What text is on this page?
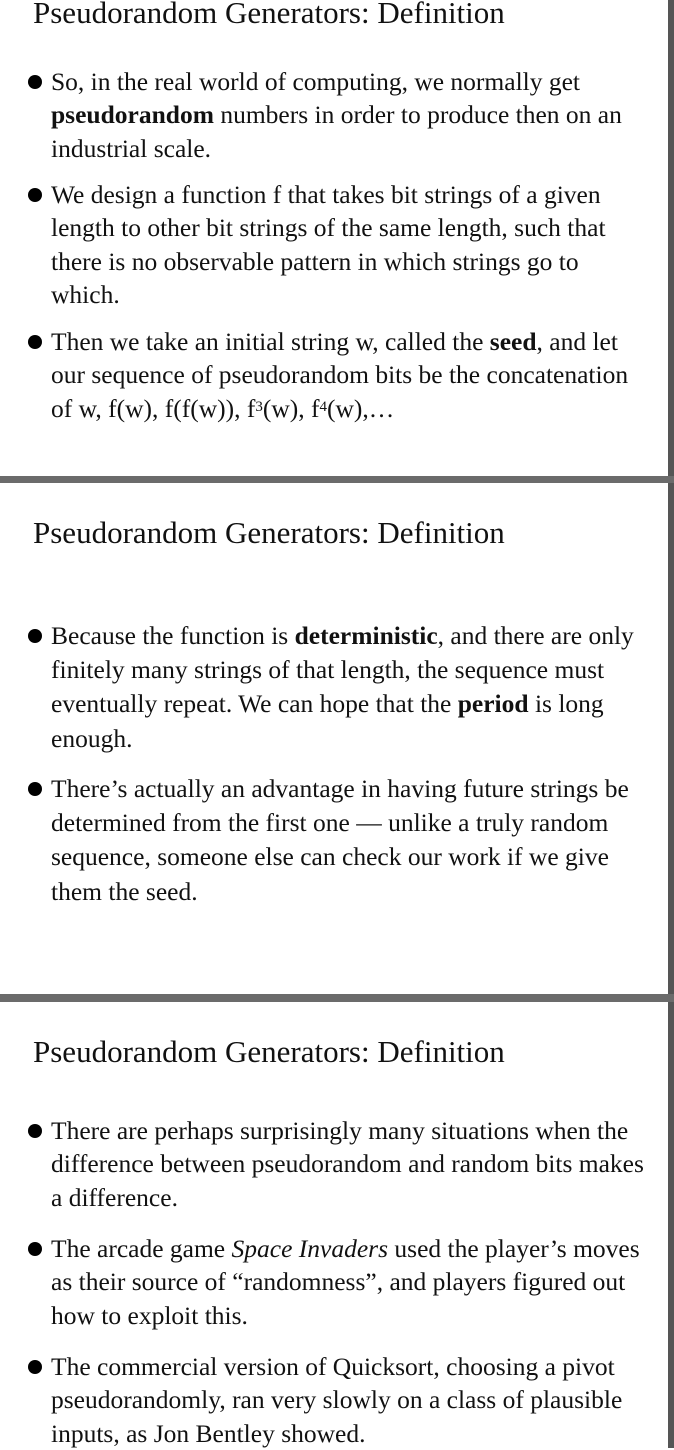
Pseudorandom Generators: Definition
So, in the real world of computing, we normally get pseudorandom numbers in order to produce then on an industrial scale.
We design a function f that takes bit strings of a given length to other bit strings of the same length, such that there is no observable pattern in which strings go to which.
Then we take an initial string w, called the seed, and let our sequence of pseudorandom bits be the concatenation of w, f(w), f(f(w)), $f^3(w)$, $f^4(w),\dots$
Pseudorandom Generators: Definition
Because the function is deterministic, and there are only finitely many strings of that length, the sequence must eventually repeat. We can hope that the period is long enough.
There’s actually an advantage in having future strings be determined from the first one — unlike a truly random sequence, someone else can check our work if we give them the seed.
Pseudorandom Generators: Definition
There are perhaps surprisingly many situations when the difference between pseudorandom and random bits makes a difference.
The arcade game Space Invaders used the player’s moves as their source of “randomness”, and players figured out how to exploit this.
The commercial version of Quicksort, choosing a pivot pseudorandomly, ran very slowly on a class of plausible inputs, as Jon Bentley showed.
